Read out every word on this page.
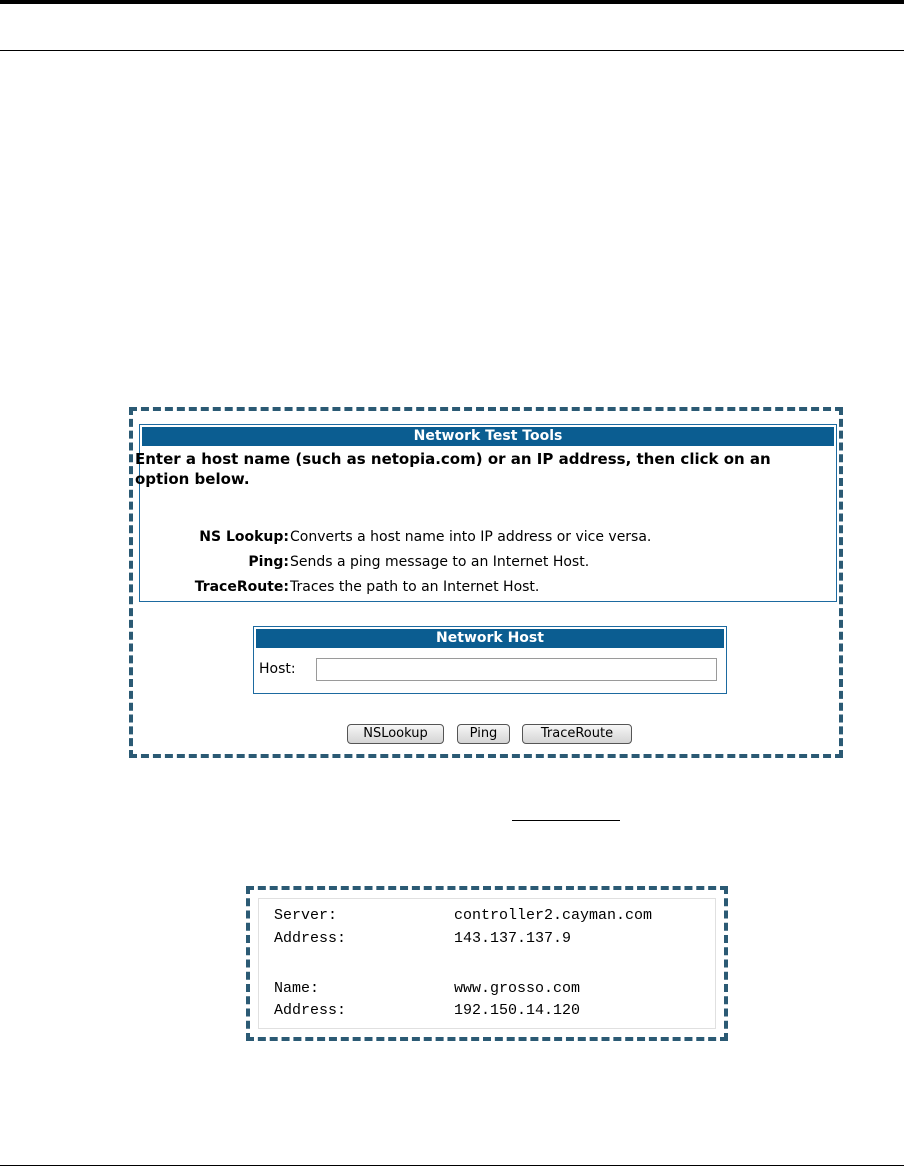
Network Test Tools
Enter a host name (such as netopia.com) or an IP address, then click on an option below.
NS Lookup: Converts a host name into IP address or vice versa.
Ping: Sends a ping message to an Internet Host.
TraceRoute: Traces the path to an Internet Host.
Network Host
Host:
NSLookup	Ping	TraceRoute
Server:	controller2.cayman.com
Address:	143.137.137.9
Name:	www.grosso.com
Address:	192.150.14.120
